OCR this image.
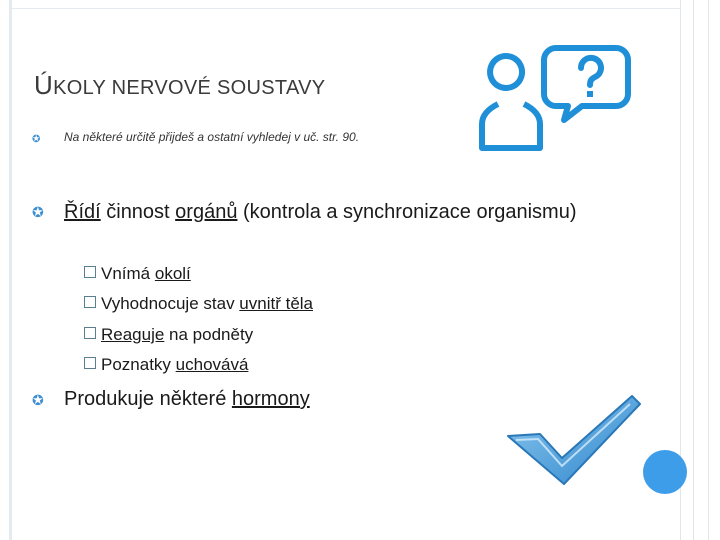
ÚKOLY NERVOVÉ SOUSTAVY
✪ Na některé určitě přijdeš a ostatní vyhledej v uč. str. 90.
✪ Řídí činnost orgánů (kontrola a synchronizace organismu)
Vnímá okolí
Vyhodnocuje stav uvnitř těla
Reaguje na podněty
Poznatky uchovává
✪ Produkuje některé hormony
